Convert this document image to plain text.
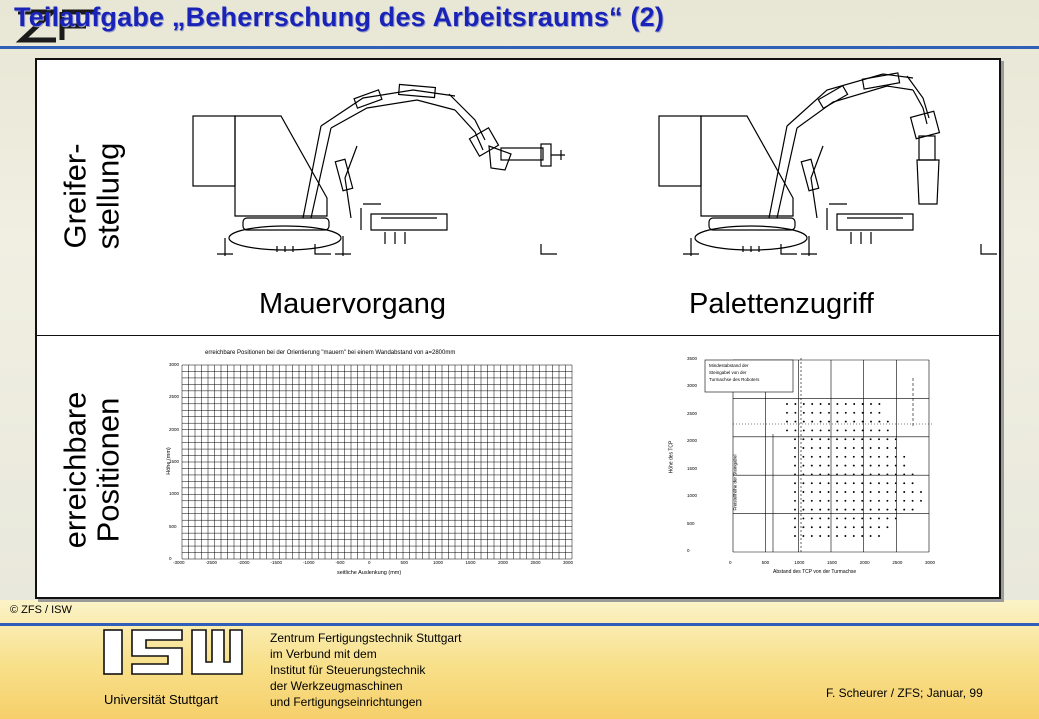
Teilaufgabe „Beherrschung des Arbeitsraums“ (2)
Greifer-
stellung
erreichbare
Positionen
Mauervorgang	Palettenzugriff
erreichbare Positionen bei der Orientierung "mauern" bei einem Wandabstand von a=2800mm
Höhe (mm)
seitliche Auslenkung (mm)
Mindestabstand der
Steingabel von der
Turmachse des Roboters
Höhe des TCP	Freistellhöhe der Steingabel
Abstand des TCP von der Turmachse
3000
2500
2000
1500
1000
500
0
-3000	-2500	-2000	-1500	-1000	-500	0	500	1000	1500	2000	2500	3000
3500
3000
2500
2000
1500
1000
500
0
0	500	1000	1500	2000	2500	3000
© ZFS / ISW
Universität Stuttgart
Zentrum Fertigungstechnik Stuttgart
im Verbund mit dem
Institut für Steuerungstechnik
der Werkzeugmaschinen
und Fertigungseinrichtungen
F. Scheurer / ZFS; Januar, 99
